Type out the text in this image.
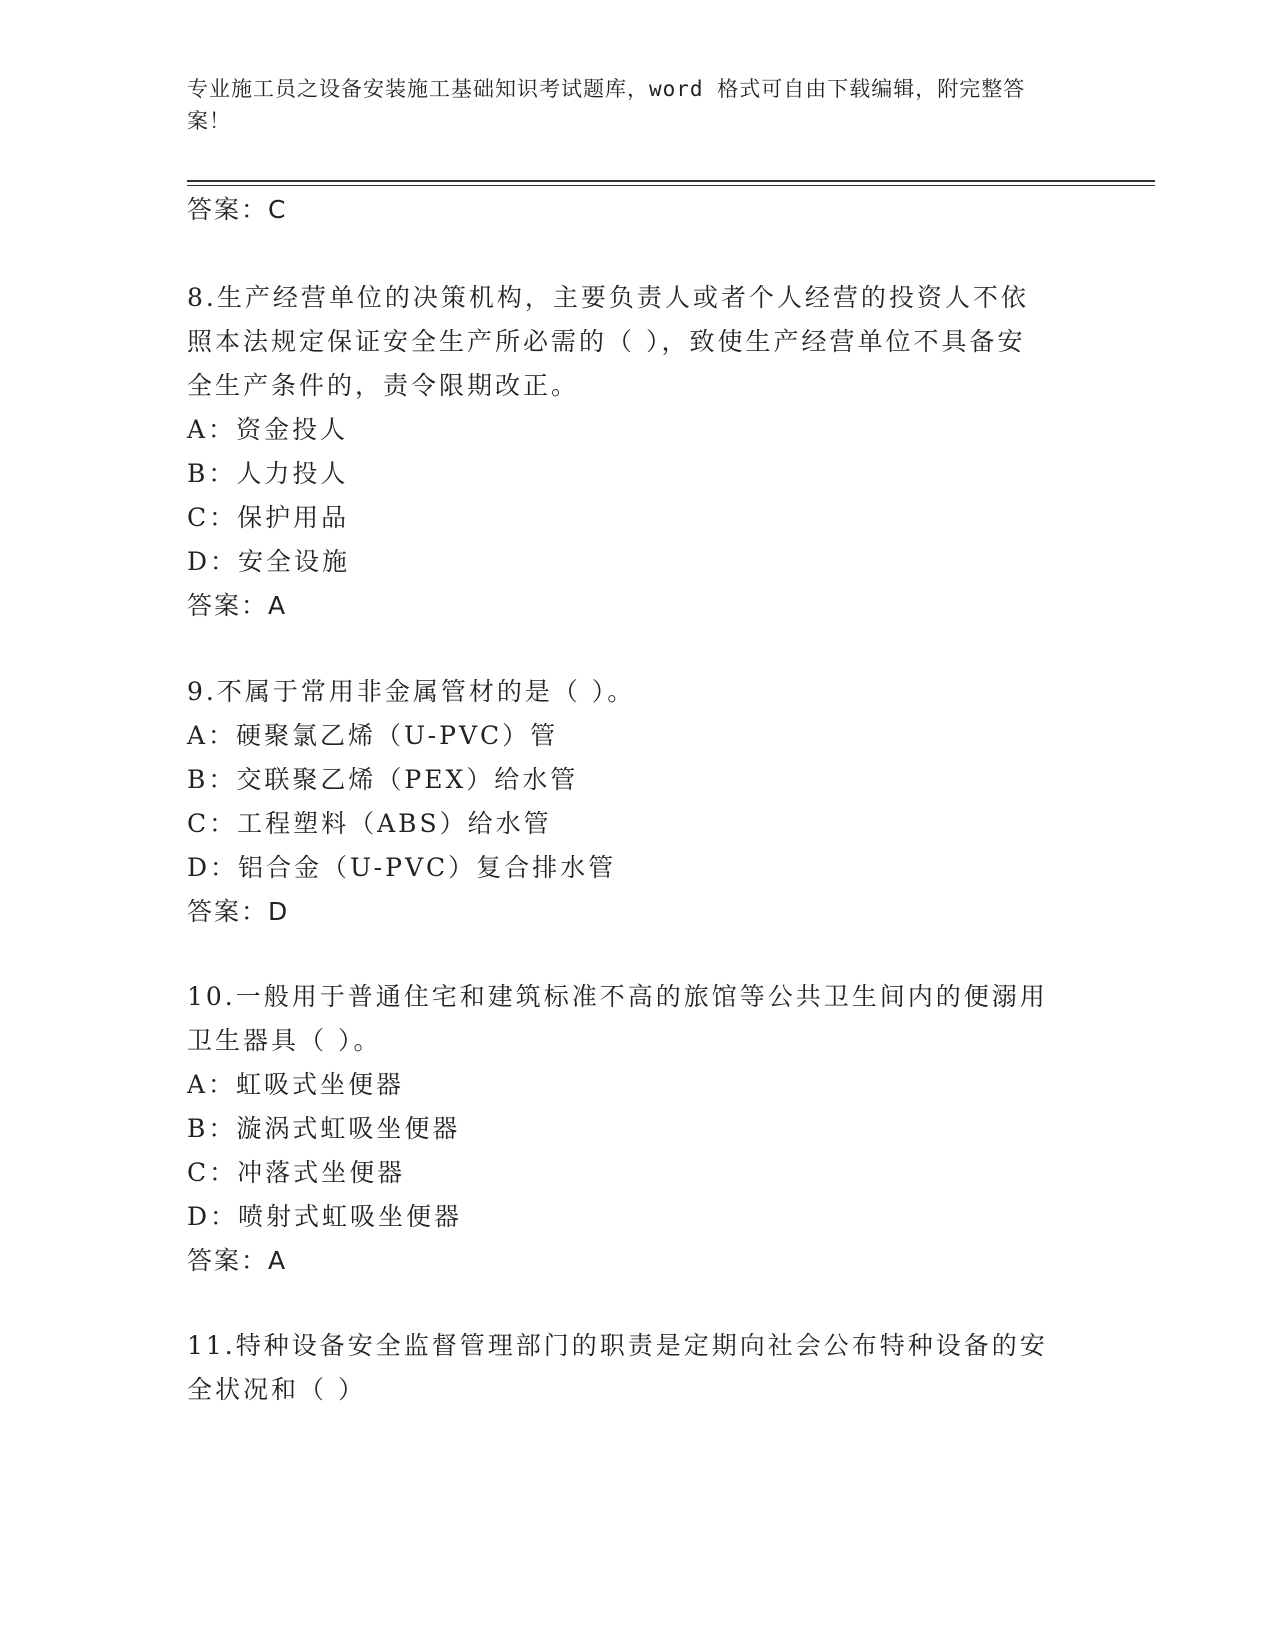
专业施工员之设备安装施工基础知识考试题库，word 格式可自由下载编辑，附完整答案！
答案：C
8.生产经营单位的决策机构，主要负责人或者个人经营的投资人不依
照本法规定保证安全生产所必需的（ ），致使生产经营单位不具备安
全生产条件的，责令限期改正。
A：资金投人
B：人力投人
C：保护用品
D：安全设施
答案：A
9.不属于常用非金属管材的是（ ）。
A：硬聚氯乙烯（U-PVC）管
B：交联聚乙烯（PEX）给水管
C：工程塑料（ABS）给水管
D：铝合金（U-PVC）复合排水管
答案：D
10.一般用于普通住宅和建筑标准不高的旅馆等公共卫生间内的便溺用
卫生器具（ ）。
A：虹吸式坐便器
B：漩涡式虹吸坐便器
C：冲落式坐便器
D：喷射式虹吸坐便器
答案：A
11.特种设备安全监督管理部门的职责是定期向社会公布特种设备的安
全状况和（ ）
